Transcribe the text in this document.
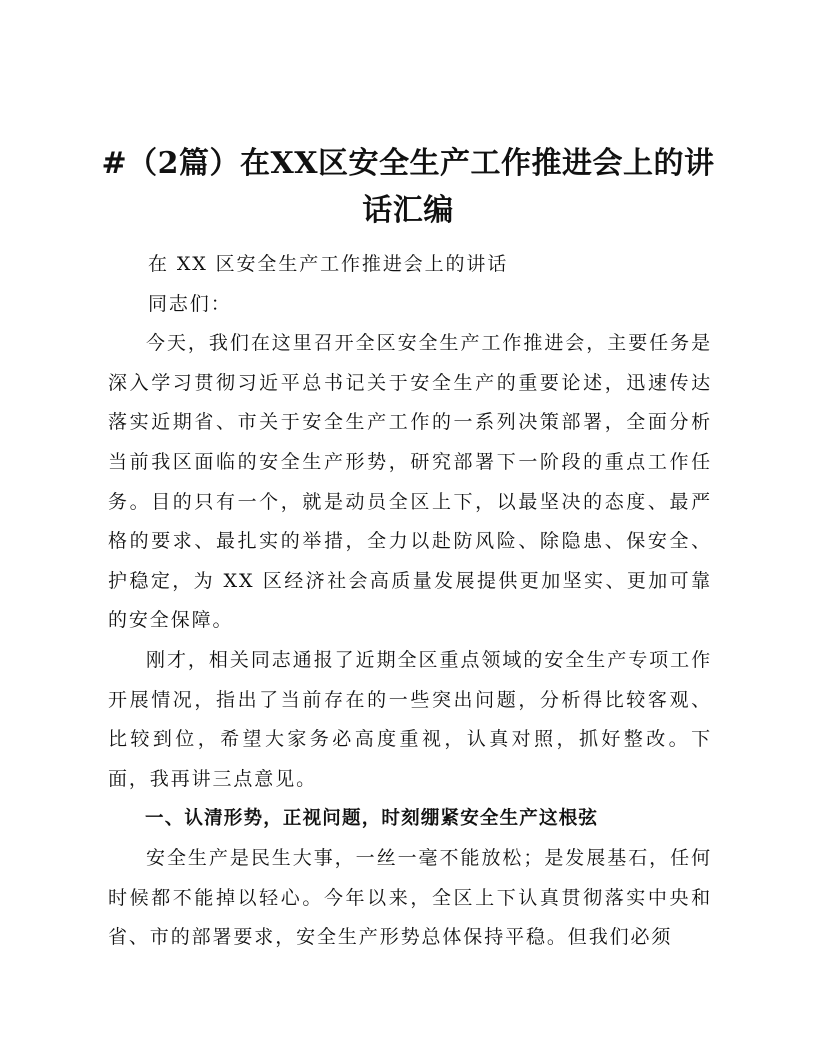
#（2篇）在XX区安全生产工作推进会上的讲话汇编

在 XX 区安全生产工作推进会上的讲话

同志们：

今天，我们在这里召开全区安全生产工作推进会，主要任务是深入学习贯彻习近平总书记关于安全生产的重要论述，迅速传达落实近期省、市关于安全生产工作的一系列决策部署，全面分析当前我区面临的安全生产形势，研究部署下一阶段的重点工作任务。目的只有一个，就是动员全区上下，以最坚决的态度、最严格的要求、最扎实的举措，全力以赴防风险、除隐患、保安全、护稳定，为 XX 区经济社会高质量发展提供更加坚实、更加可靠的安全保障。

刚才，相关同志通报了近期全区重点领域的安全生产专项工作开展情况，指出了当前存在的一些突出问题，分析得比较客观、比较到位，希望大家务必高度重视，认真对照，抓好整改。下面，我再讲三点意见。

一、认清形势，正视问题，时刻绷紧安全生产这根弦

安全生产是民生大事，一丝一毫不能放松；是发展基石，任何时候都不能掉以轻心。今年以来，全区上下认真贯彻落实中央和省、市的部署要求，安全生产形势总体保持平稳。但我们必须
